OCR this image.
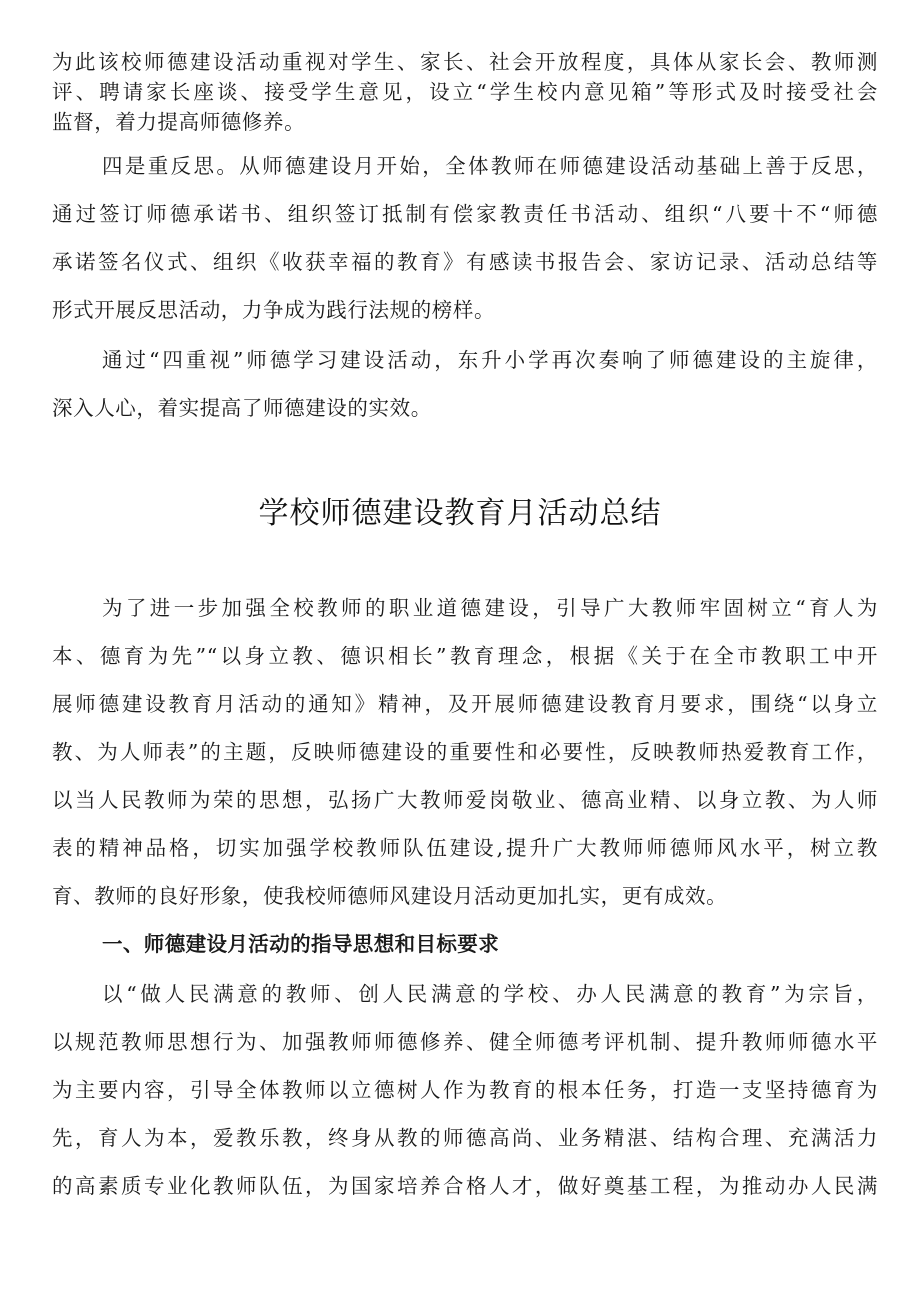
为此该校师德建设活动重视对学生、家长、社会开放程度，具体从家长会、教师测
评、聘请家长座谈、接受学生意见，设立“学生校内意见箱”等形式及时接受社会
监督，着力提高师德修养。
四是重反思。从师德建设月开始，全体教师在师德建设活动基础上善于反思，
通过签订师德承诺书、组织签订抵制有偿家教责任书活动、组织“八要十不“师德
承诺签名仪式、组织《收获幸福的教育》有感读书报告会、家访记录、活动总结等
形式开展反思活动，力争成为践行法规的榜样。
通过“四重视”师德学习建设活动，东升小学再次奏响了师德建设的主旋律，
深入人心，着实提高了师德建设的实效。
学校师德建设教育月活动总结
为了进一步加强全校教师的职业道德建设，引导广大教师牢固树立“育人为
本、德育为先”“以身立教、德识相长”教育理念，根据《关于在全市教职工中开
展师德建设教育月活动的通知》精神，及开展师德建设教育月要求，围绕“以身立
教、为人师表”的主题，反映师德建设的重要性和必要性，反映教师热爱教育工作，
以当人民教师为荣的思想，弘扬广大教师爱岗敬业、德高业精、以身立教、为人师
表的精神品格，切实加强学校教师队伍建设,提升广大教师师德师风水平，树立教
育、教师的良好形象，使我校师德师风建设月活动更加扎实，更有成效。
一、师德建设月活动的指导思想和目标要求
以“做人民满意的教师、创人民满意的学校、办人民满意的教育”为宗旨，
以规范教师思想行为、加强教师师德修养、健全师德考评机制、提升教师师德水平
为主要内容，引导全体教师以立德树人作为教育的根本任务，打造一支坚持德育为
先，育人为本，爱教乐教，终身从教的师德高尚、业务精湛、结构合理、充满活力
的高素质专业化教师队伍，为国家培养合格人才，做好奠基工程，为推动办人民满
